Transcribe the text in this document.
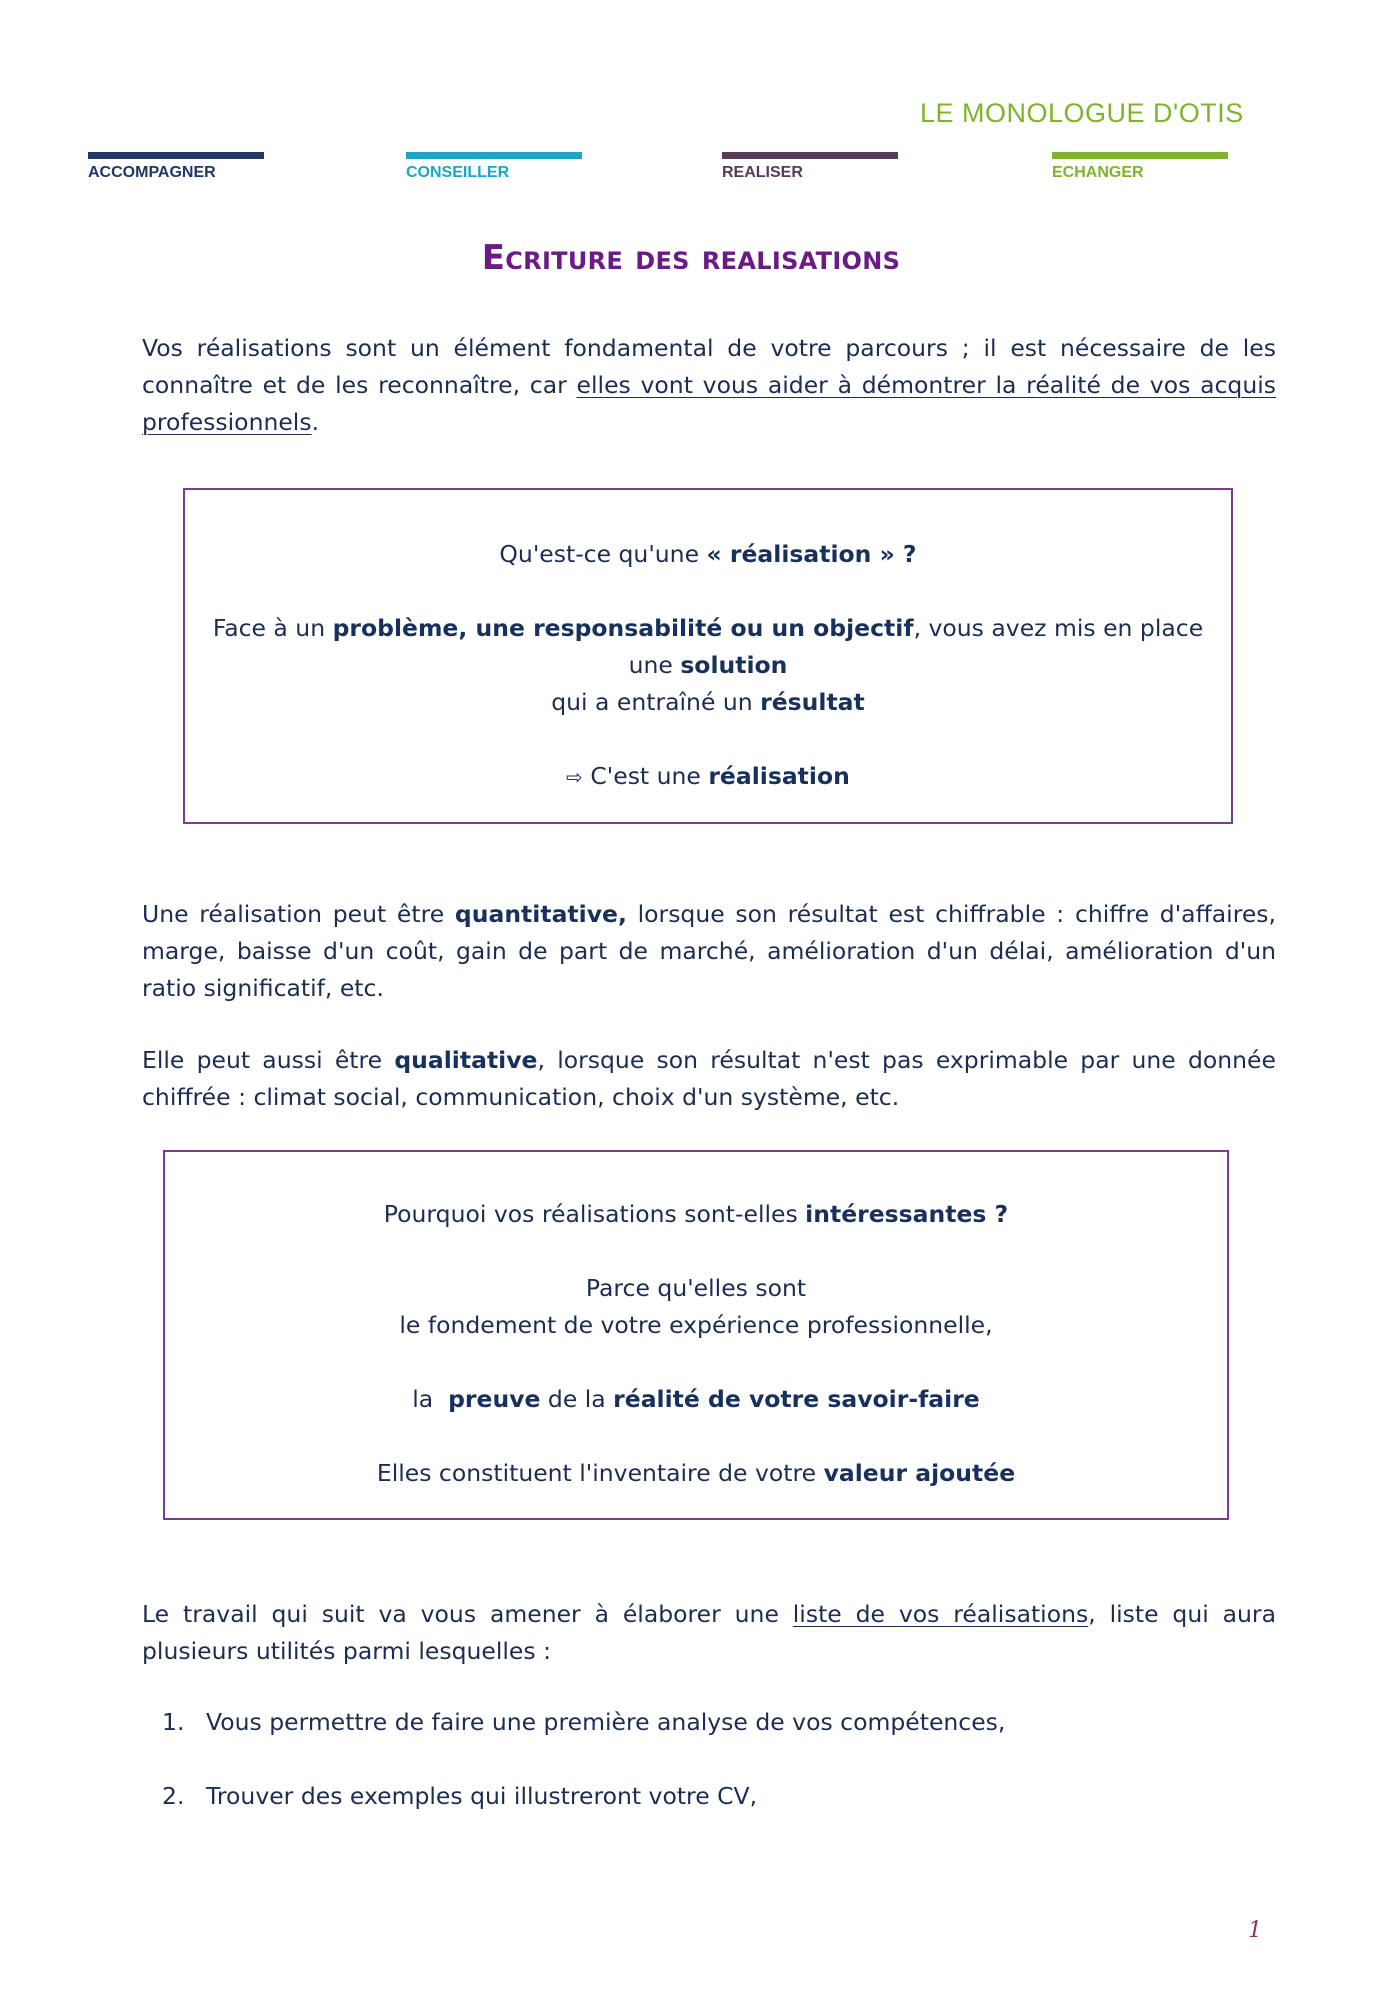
LE MONOLOGUE D'OTIS
ACCOMPAGNER	CONSEILLER	REALISER	ECHANGER
Ecriture des realisations
Vos réalisations sont un élément fondamental de votre parcours ; il est nécessaire de les connaître et de les reconnaître, car elles vont vous aider à démontrer la réalité de vos acquis professionnels.
Qu'est-ce qu'une « réalisation » ?
Face à un problème, une responsabilité ou un objectif, vous avez mis en place
une solution
qui a entraîné un résultat
⇨ C'est une réalisation
Une réalisation peut être quantitative, lorsque son résultat est chiffrable : chiffre d'affaires, marge, baisse d'un coût, gain de part de marché, amélioration d'un délai, amélioration d'un ratio significatif, etc.
Elle peut aussi être qualitative, lorsque son résultat n'est pas exprimable par une donnée chiffrée : climat social, communication, choix d'un système, etc.
Pourquoi vos réalisations sont-elles intéressantes ?
Parce qu'elles sont
le fondement de votre expérience professionnelle,
la  preuve de la réalité de votre savoir-faire
Elles constituent l'inventaire de votre valeur ajoutée
Le travail qui suit va vous amener à élaborer une liste de vos réalisations, liste qui aura plusieurs utilités parmi lesquelles :
1. Vous permettre de faire une première analyse de vos compétences,
2. Trouver des exemples qui illustreront votre CV,
1
